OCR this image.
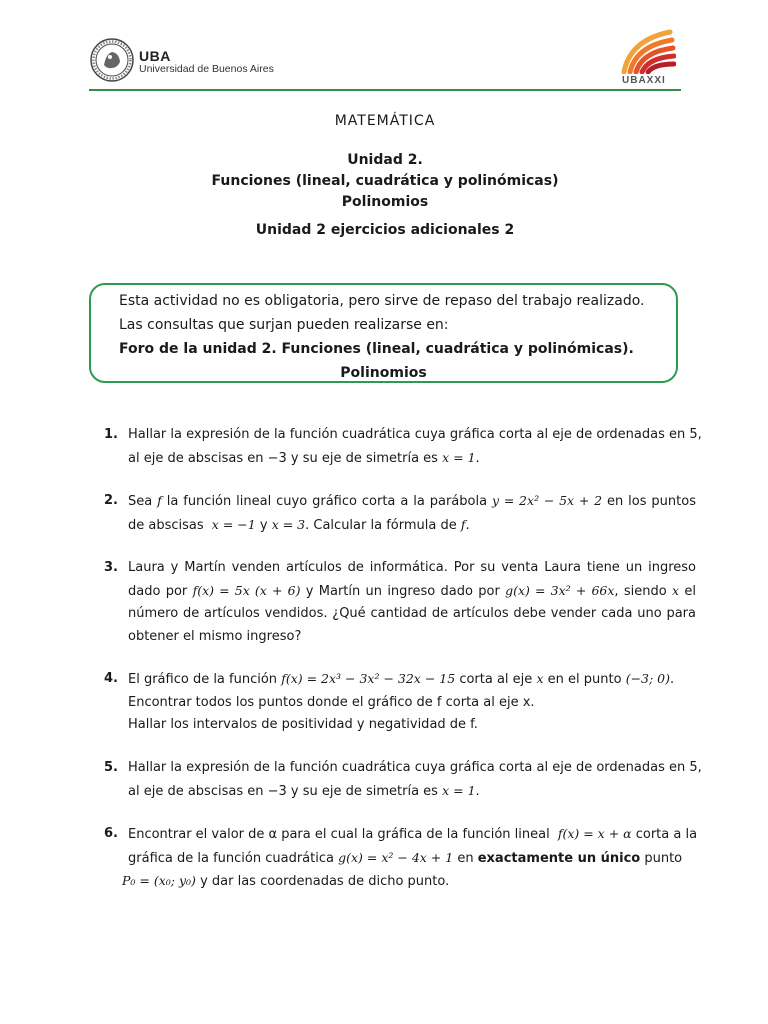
UBA
Universidad de Buenos Aires
UBAXXI
MATEMÁTICA
Unidad 2.
Funciones (lineal, cuadrática y polinómicas)
Polinomios
Unidad 2 ejercicios adicionales 2
Esta actividad no es obligatoria, pero sirve de repaso del trabajo realizado.
Las consultas que surjan pueden realizarse en:
Foro de la unidad 2. Funciones (lineal, cuadrática y polinómicas).
Polinomios
1. Hallar la expresión de la función cuadrática cuya gráfica corta al eje de ordenadas en 5,
al eje de abscisas en −3 y su eje de simetría es x = 1.
2. Sea f la función lineal cuyo gráfico corta a la parábola y = 2x² − 5x + 2 en los puntos
de abscisas x = −1 y x = 3. Calcular la fórmula de f.
3. Laura y Martín venden artículos de informática. Por su venta Laura tiene un ingreso
dado por f(x) = 5x (x + 6) y Martín un ingreso dado por g(x) = 3x² + 66x, siendo x el
número de artículos vendidos. ¿Qué cantidad de artículos debe vender cada uno para
obtener el mismo ingreso?
4. El gráfico de la función f(x) = 2x³ − 3x² − 32x − 15 corta al eje x en el punto (−3; 0).
Encontrar todos los puntos donde el gráfico de f corta al eje x.
Hallar los intervalos de positividad y negatividad de f.
5. Hallar la expresión de la función cuadrática cuya gráfica corta al eje de ordenadas en 5,
al eje de abscisas en −3 y su eje de simetría es x = 1.
6. Encontrar el valor de α para el cual la gráfica de la función lineal f(x) = x + α corta a la
gráfica de la función cuadrática g(x) = x² − 4x + 1 en exactamente un único punto
P₀ = (x₀; y₀) y dar las coordenadas de dicho punto.
